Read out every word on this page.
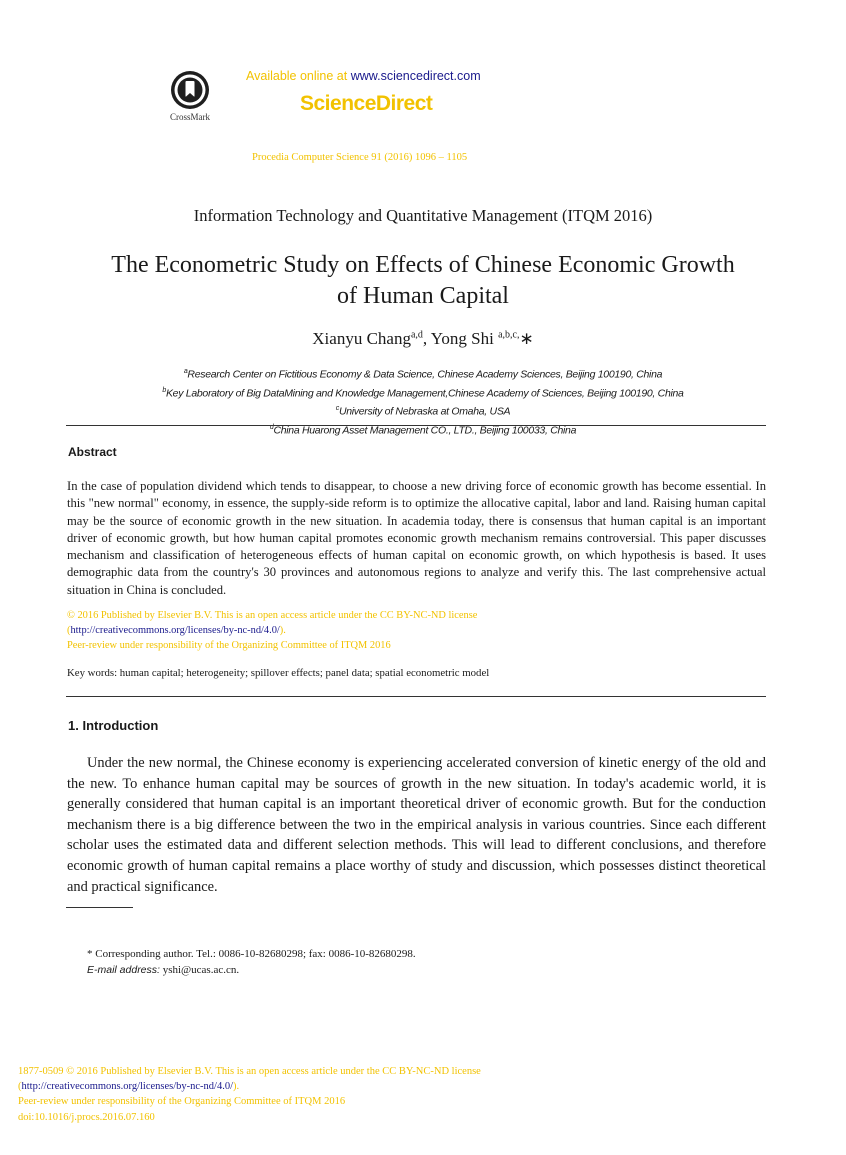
CrossMark
Available online at www.sciencedirect.com
ScienceDirect
Procedia Computer Science 91 (2016) 1096 – 1105
Information Technology and Quantitative Management (ITQM 2016)
The Econometric Study on Effects of Chinese Economic Growth
of Human Capital
Xianyu Chang$^{a,d}$, Yong Shi $^{a,b,c,}$∗
$^a$Research Center on Fictitious Economy & Data Science, Chinese Academy Sciences, Beijing 100190, China
$^b$Key Laboratory of Big DataMining and Knowledge Management,Chinese Academy of Sciences, Beijing 100190, China
$^c$University of Nebraska at Omaha, USA
$^d$China Huarong Asset Management CO., LTD., Beijing 100033, China
Abstract
In the case of population dividend which tends to disappear, to choose a new driving force of economic growth has become essential. In this "new normal" economy, in essence, the supply-side reform is to optimize the allocative capital, labor and land. Raising human capital may be the source of economic growth in the new situation. In academia today, there is consensus that human capital is an important driver of economic growth, but how human capital promotes economic growth mechanism remains controversial. This paper discusses mechanism and classification of heterogeneous effects of human capital on economic growth, on which hypothesis is based. It uses demographic data from the country's 30 provinces and autonomous regions to analyze and verify this. The last comprehensive actual situation in China is concluded.
© 2016 Published by Elsevier B.V. This is an open access article under the CC BY-NC-ND license
(http://creativecommons.org/licenses/by-nc-nd/4.0/).
Peer-review under responsibility of the Organizing Committee of ITQM 2016
Key words: human capital; heterogeneity; spillover effects; panel data; spatial econometric model
1. Introduction
Under the new normal, the Chinese economy is experiencing accelerated conversion of kinetic energy of the old and the new. To enhance human capital may be sources of growth in the new situation. In today's academic world, it is generally considered that human capital is an important theoretical driver of economic growth. But for the conduction mechanism there is a big difference between the two in the empirical analysis in various countries. Since each different scholar uses the estimated data and different selection methods. This will lead to different conclusions, and therefore economic growth of human capital remains a place worthy of study and discussion, which possesses distinct theoretical and practical significance.
* Corresponding author. Tel.: 0086-10-82680298; fax: 0086-10-82680298.
E-mail address: yshi@ucas.ac.cn.
1877-0509 © 2016 Published by Elsevier B.V. This is an open access article under the CC BY-NC-ND license
(http://creativecommons.org/licenses/by-nc-nd/4.0/).
Peer-review under responsibility of the Organizing Committee of ITQM 2016
doi:10.1016/j.procs.2016.07.160
